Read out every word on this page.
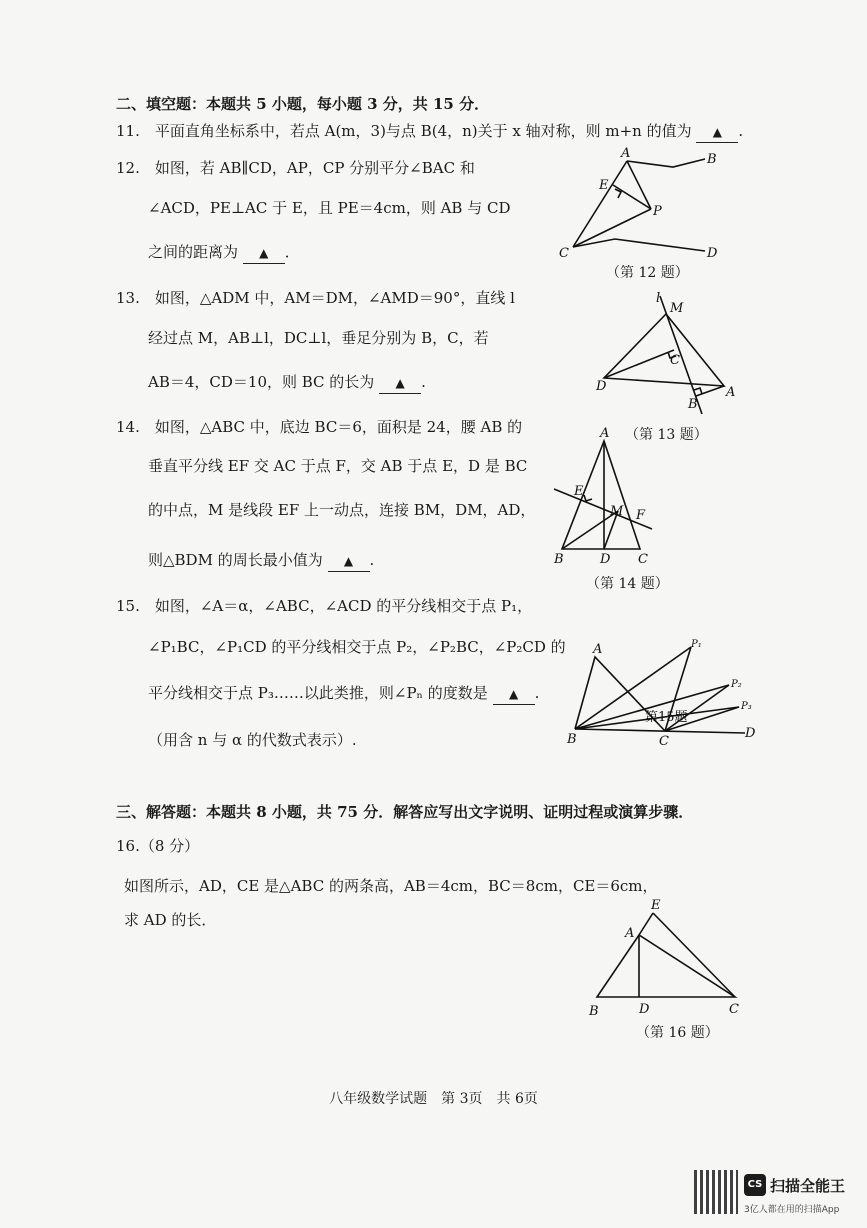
二、填空题：本题共 5 小题，每小题 3 分，共 15 分．
11.　平面直角坐标系中，若点 A(m，3)与点 B(4，n)关于 x 轴对称，则 m+n 的值为 ▲ .
12.　如图，若 AB∥CD，AP，CP 分别平分∠BAC 和
∠ACD，PE⊥AC 于 E，且 PE＝4cm，则 AB 与 CD
之间的距离为 ▲ ．
A	B
E
P
C	D
（第 12 题）
13.　如图，△ADM 中，AM＝DM，∠AMD＝90°，直线 l
经过点 M，AB⊥l，DC⊥l，垂足分别为 B，C，若
AB＝4，CD＝10，则 BC 的长为 ▲ .
l
M
C
D	A
B
（第 13 题）
14.　如图，△ABC 中，底边 BC＝6，面积是 24，腰 AB 的
垂直平分线 EF 交 AC 于点 F，交 AB 于点 E，D 是 BC
的中点，M 是线段 EF 上一动点，连接 BM，DM，AD，
则△BDM 的周长最小值为 ▲ .
A
E
M F
B	D C
（第 14 题）
15.　如图，∠A＝α，∠ABC，∠ACD 的平分线相交于点 P₁，
∠P₁BC，∠P₁CD 的平分线相交于点 P₂，∠P₂BC，∠P₂CD 的
平分线相交于点 P₃……以此类推，则∠Pₙ 的度数是 ▲ .
（用含 n 与 α 的代数式表示）.
A	P₁
P₂
P₃
B	C
D
第15题
三、解答题：本题共 8 小题，共 75 分．解答应写出文字说明、证明过程或演算步骤．
16.（8 分）
如图所示，AD，CE 是△ABC 的两条高，AB＝4cm，BC＝8cm，CE＝6cm，
求 AD 的长．
E
A
B	D	C
（第 16 题）
八年级数学试题　第 3页　共 6页
CS 扫描全能王
3亿人都在用的扫描App
